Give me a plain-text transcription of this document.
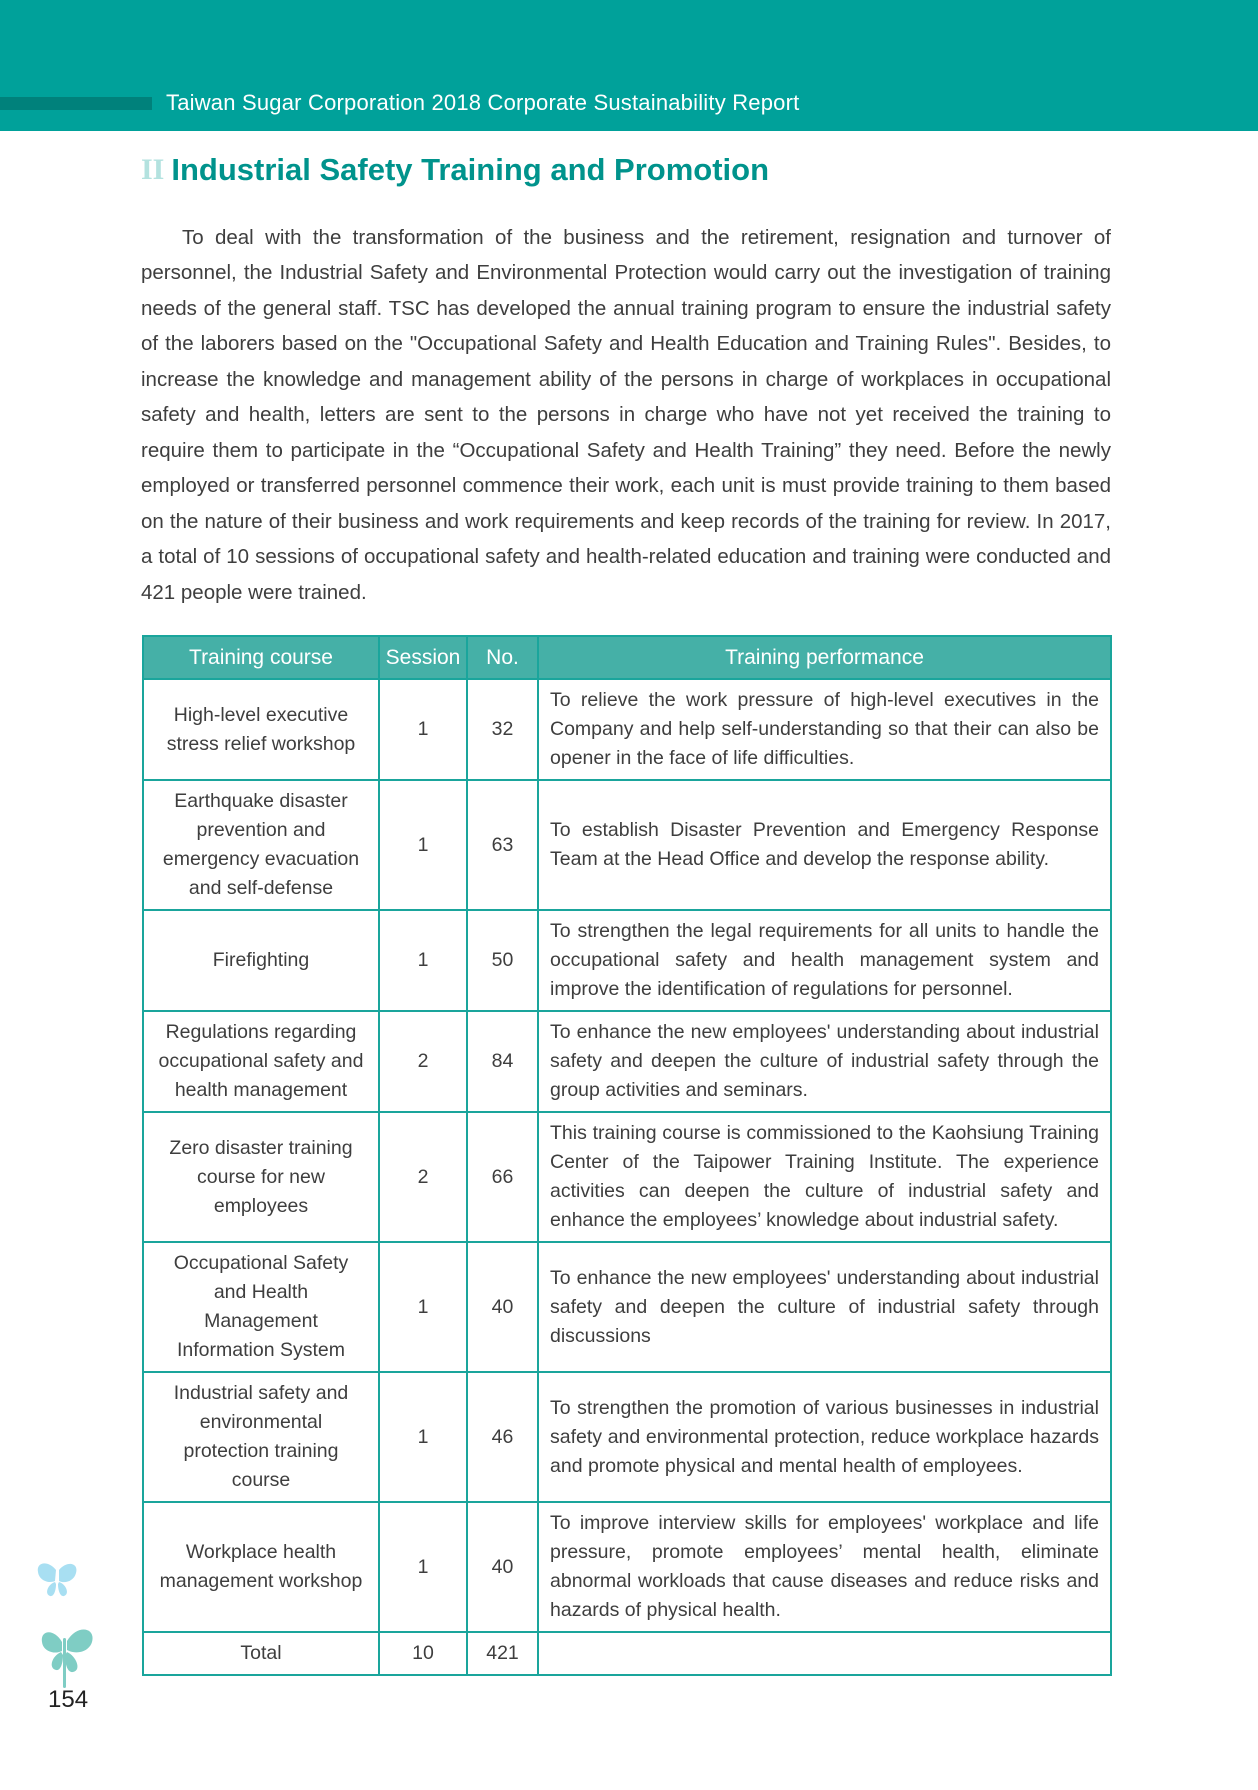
Taiwan Sugar Corporation 2018 Corporate Sustainability Report
II Industrial Safety Training and Promotion

To deal with the transformation of the business and the retirement, resignation and turnover of personnel, the Industrial Safety and Environmental Protection would carry out the investigation of training needs of the general staff. TSC has developed the annual training program to ensure the industrial safety of the laborers based on the "Occupational Safety and Health Education and Training Rules". Besides, to increase the knowledge and management ability of the persons in charge of workplaces in occupational safety and health, letters are sent to the persons in charge who have not yet received the training to require them to participate in the “Occupational Safety and Health Training” they need. Before the newly employed or transferred personnel commence their work, each unit is must provide training to them based on the nature of their business and work requirements and keep records of the training for review. In 2017, a total of 10 sessions of occupational safety and health-related education and training were conducted and 421 people were trained.

Training course	Session	No.	Training performance
High-level executive stress relief workshop	1	32	To relieve the work pressure of high-level executives in the Company and help self-understanding so that their can also be opener in the face of life difficulties.
Earthquake disaster prevention and emergency evacuation and self-defense	1	63	To establish Disaster Prevention and Emergency Response Team at the Head Office and develop the response ability.
Firefighting	1	50	To strengthen the legal requirements for all units to handle the occupational safety and health management system and improve the identification of regulations for personnel.
Regulations regarding occupational safety and health management	2	84	To enhance the new employees' understanding about industrial safety and deepen the culture of industrial safety through the group activities and seminars.
Zero disaster training course for new employees	2	66	This training course is commissioned to the Kaohsiung Training Center of the Taipower Training Institute. The experience activities can deepen the culture of industrial safety and enhance the employees’ knowledge about industrial safety.
Occupational Safety and Health Management Information System	1	40	To enhance the new employees' understanding about industrial safety and deepen the culture of industrial safety through discussions
Industrial safety and environmental protection training course	1	46	To strengthen the promotion of various businesses in industrial safety and environmental protection, reduce workplace hazards and promote physical and mental health of employees.
Workplace health management workshop	1	40	To improve interview skills for employees' workplace and life pressure, promote employees’ mental health, eliminate abnormal workloads that cause diseases and reduce risks and hazards of physical health.
Total	10	421	
154
